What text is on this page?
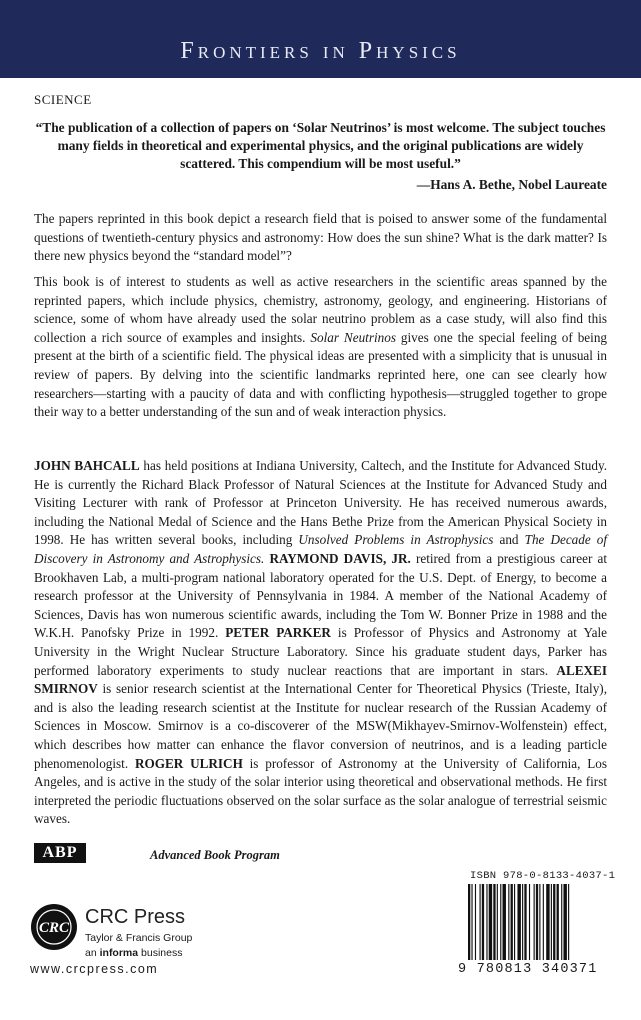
Frontiers in Physics
SCIENCE
“The publication of a collection of papers on ‘Solar Neutrinos’ is most welcome. The subject touches many fields in theoretical and experimental physics, and the original publications are widely scattered. This compendium will be most useful.”
—Hans A. Bethe, Nobel Laureate

The papers reprinted in this book depict a research field that is poised to answer some of the fundamental questions of twentieth-century physics and astronomy: How does the sun shine? What is the dark matter? Is there new physics beyond the “standard model”?

This book is of interest to students as well as active researchers in the scientific areas spanned by the reprinted papers, which include physics, chemistry, astronomy, geology, and engineering. Historians of science, some of whom have already used the solar neutrino problem as a case study, will also find this collection a rich source of examples and insights. Solar Neutrinos gives one the special feeling of being present at the birth of a scientific field. The physical ideas are presented with a simplicity that is unusual in review of papers. By delving into the scientific landmarks reprinted here, one can see clearly how researchers—starting with a paucity of data and with conflicting hypothesis—struggled together to grope their way to a better understanding of the sun and of weak interaction physics.

JOHN BAHCALL has held positions at Indiana University, Caltech, and the Institute for Advanced Study. He is currently the Richard Black Professor of Natural Sciences at the Institute for Advanced Study and Visiting Lecturer with rank of Professor at Princeton University. He has received numerous awards, including the National Medal of Science and the Hans Bethe Prize from the American Physical Society in 1998. He has written several books, including Unsolved Problems in Astrophysics and The Decade of Discovery in Astronomy and Astrophysics. RAYMOND DAVIS, JR. retired from a prestigious career at Brookhaven Lab, a multi-program national laboratory operated for the U.S. Dept. of Energy, to become a research professor at the University of Pennsylvania in 1984. A member of the National Academy of Sciences, Davis has won numerous scientific awards, including the Tom W. Bonner Prize in 1988 and the W.K.H. Panofsky Prize in 1992. PETER PARKER is Professor of Physics and Astronomy at Yale University in the Wright Nuclear Structure Laboratory. Since his graduate student days, Parker has performed laboratory experiments to study nuclear reactions that are important in stars. ALEXEI SMIRNOV is senior research scientist at the International Center for Theoretical Physics (Trieste, Italy), and is also the leading research scientist at the Institute for nuclear research of the Russian Academy of Sciences in Moscow. Smirnov is a co-discoverer of the MSW(Mikhayev-Smirnov-Wolfenstein) effect, which describes how matter can enhance the flavor conversion of neutrinos, and is a leading particle phenomenologist. ROGER ULRICH is professor of Astronomy at the University of California, Los Angeles, and is active in the study of the solar interior using theoretical and observational methods. He first interpreted the periodic fluctuations observed on the solar surface as the solar analogue of terrestrial seismic waves.

ABP	Advanced Book Program
CRC CRC Press
Taylor & Francis Group
an informa business
www.crcpress.com
ISBN 978-0-8133-4037-1
9 780813 340371
